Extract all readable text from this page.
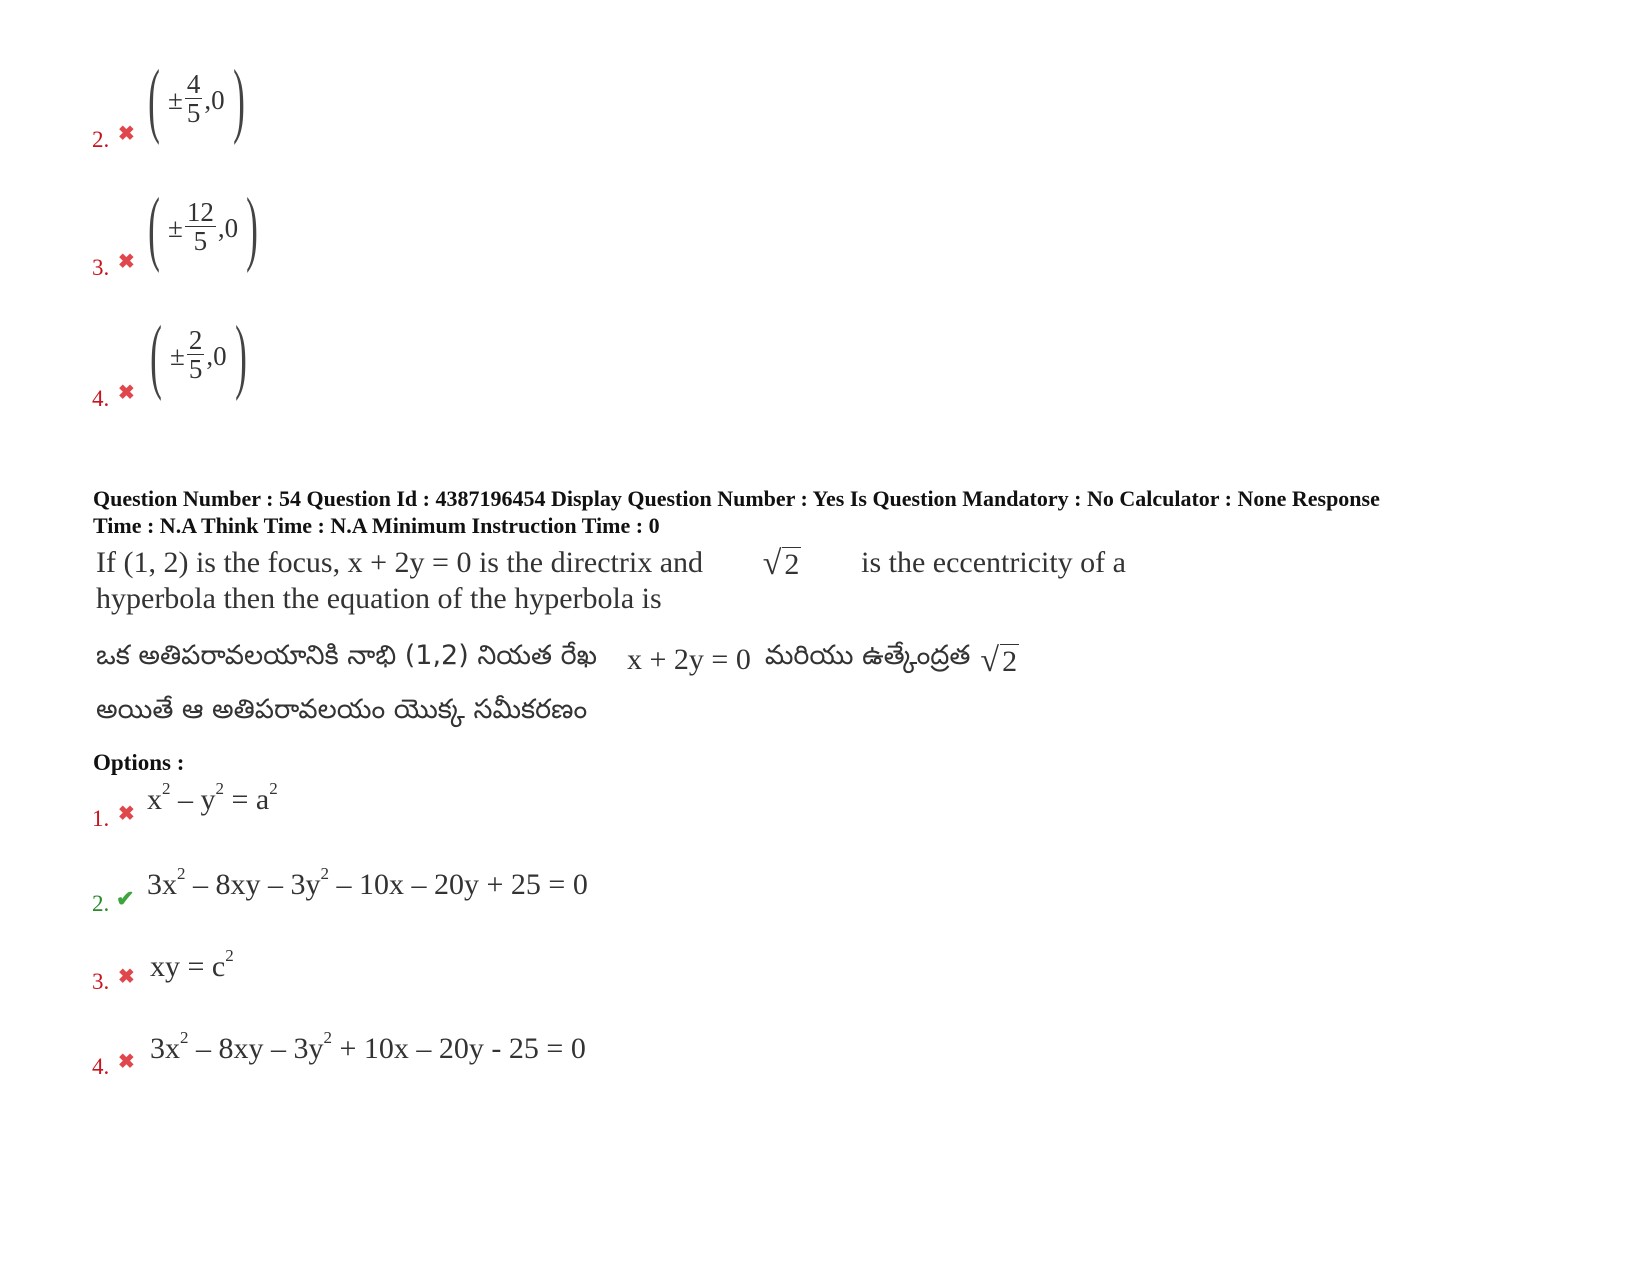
2. ✖ ( ± $\frac{4}{5} ,0$ )
3. ✖ ( ± $\frac{12}{5} ,0$ )
4. ✖ ( ± $\frac{2}{5} ,0$ )
Question Number : 54 Question Id : 4387196454 Display Question Number : Yes Is Question Mandatory : No Calculator : None Response
Time : N.A Think Time : N.A Minimum Instruction Time : 0
If (1, 2) is the focus, x + 2y = 0 is the directrix and √ 2 is the eccentricity of a
hyperbola then the equation of the hyperbola is
ఒక అతిపరావలయానికి నాభి (1,2) నియత రేఖ x + 2y = 0 మరియు ఉత్కేంద్రత √ 2
అయితే ఆ అతిపరావలయం యొక్క సమీకరణం
Options :
1. ✖ $x^2 - y^2 = a^2$
2. ✔ $3x^2 - 8xy - 3y^2 - 10x - 20y + 25 = 0$
3. ✖ xy = $c^2$
4. ✖ $3x^2 - 8xy - 3y^2 + 10x - 20y - 25 = 0$
